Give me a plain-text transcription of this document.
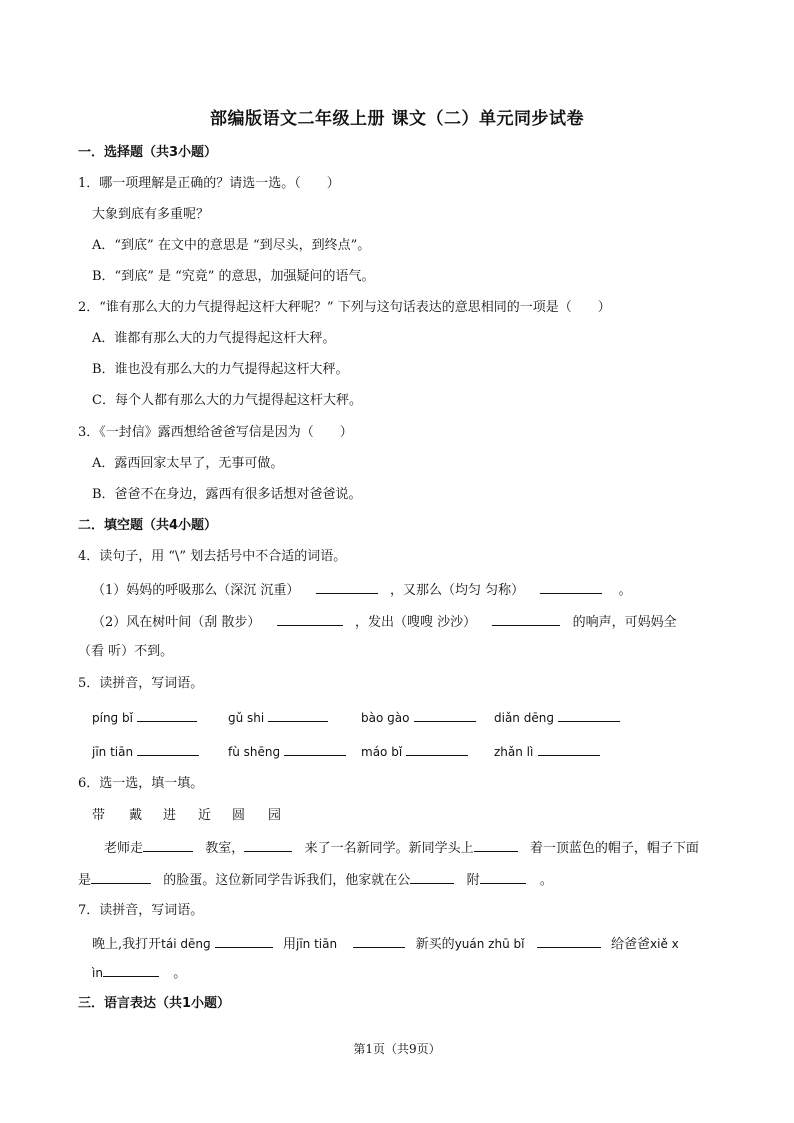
部编版语文二年级上册 课文（二）单元同步试卷
一．选择题（共3小题）
1．哪一项理解是正确的？请选一选。（　　）
大象到底有多重呢？
A．“到底” 在文中的意思是 “到尽头，到终点”。
B．“到底” 是 “究竟” 的意思，加强疑问的语气。
2．“谁有那么大的力气提得起这杆大秤呢？” 下列与这句话表达的意思相同的一项是（　　）
A．谁都有那么大的力气提得起这杆大秤。
B．谁也没有那么大的力气提得起这杆大秤。
C．每个人都有那么大的力气提得起这杆大秤。
3．《一封信》露西想给爸爸写信是因为（　　）
A．露西回家太早了，无事可做。
B．爸爸不在身边，露西有很多话想对爸爸说。
二．填空题（共4小题）
4．读句子，用 “\” 划去括号中不合适的词语。
（1）妈妈的呼吸那么（深沉 沉重）	，又那么（均匀 匀称）	。
（2）风在树叶间（刮 散步）	，发出（嗖嗖 沙沙）	的响声，可妈妈全
（看 听）不到。
5．读拼音，写词语。
pínɡ bǐ	ɡǔ shi	bào ɡào	diǎn dēnɡ
jīn tiān	fù shēnɡ	máo bǐ	zhǎn lì
6．选一选，填一填。
带 戴 进 近 圆 园
老师走	教室，	来了一名新同学。新同学头上	着一顶蓝色的帽子，帽子下面
是	的脸蛋。这位新同学告诉我们，他家就在公	附	。
7．读拼音，写词语。
晚上,我打开tái dēnɡ	用jīn tiān	新买的yuán zhū bǐ	给爸爸xiě x
ìn	。
三．语言表达（共1小题）
第1页（共9页）
